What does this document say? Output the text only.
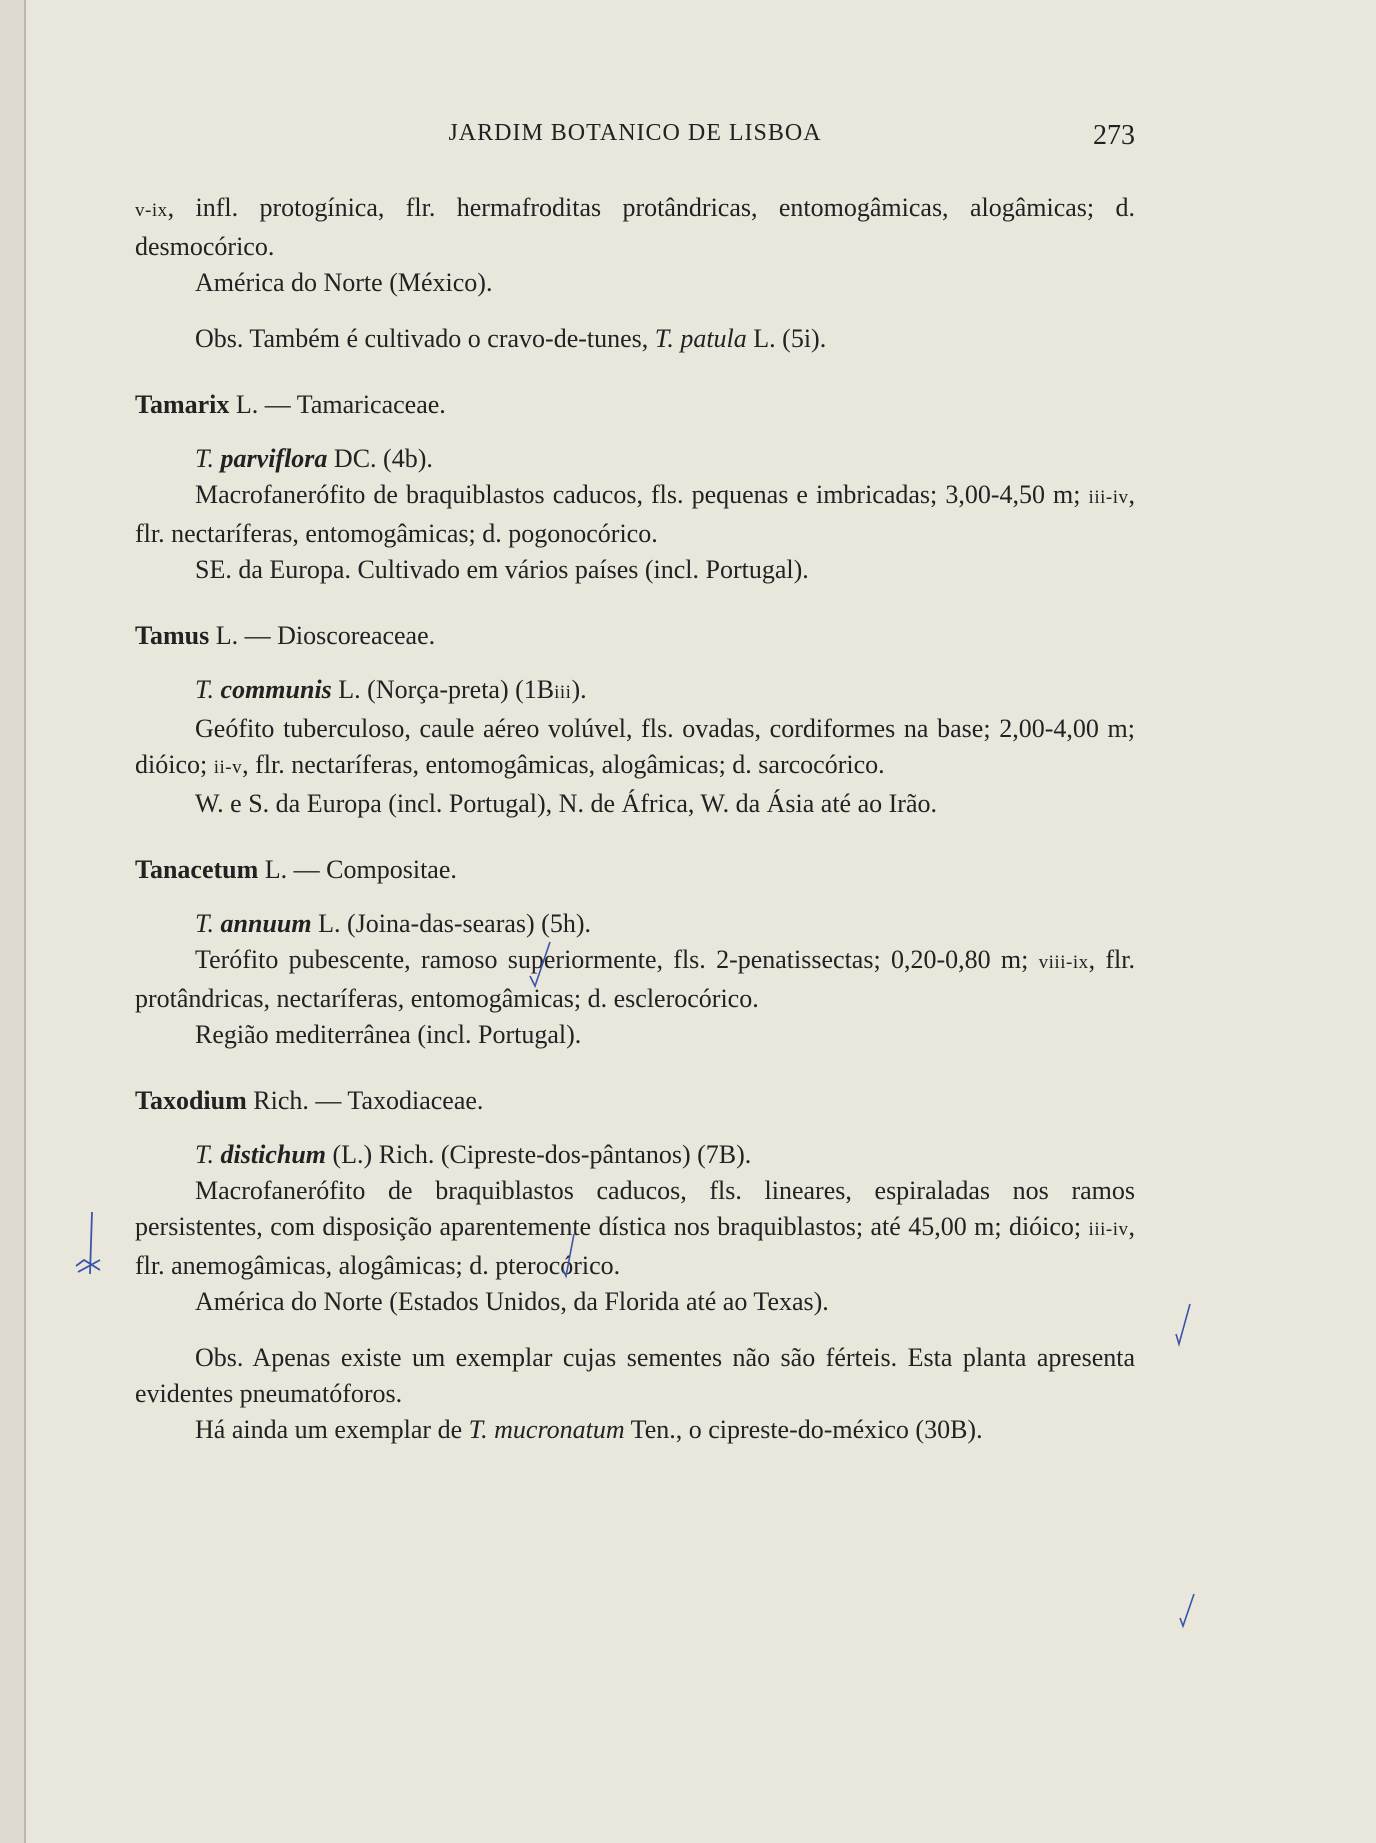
JARDIM BOTANICO DE LISBOA	273

v-ix, infl. protogínica, flr. hermafroditas protândricas, entomogâmicas, alogâmicas; d. desmocórico.

América do Norte (México).

Obs. Também é cultivado o cravo-de-tunes, T. patula L. (5i).

Tamarix L. — Tamaricaceae.

T. parviflora DC. (4b).

Macrofanerófito de braquiblastos caducos, fls. pequenas e imbricadas; 3,00-4,50 m; iii-iv, flr. nectaríferas, entomogâmicas; d. pogonocórico.

SE. da Europa. Cultivado em vários países (incl. Portugal).

Tamus L. — Dioscoreaceae.

T. communis L. (Norça-preta) (1Biii).

Geófito tuberculoso, caule aéreo volúvel, fls. ovadas, cordiformes na base; 2,00-4,00 m; dióico; ii-v, flr. nectaríferas, entomogâmicas, alogâmicas; d. sarcocórico.

W. e S. da Europa (incl. Portugal), N. de África, W. da Ásia até ao Irão.

Tanacetum L. — Compositae.

T. annuum L. (Joina-das-searas) (5h).

Terófito pubescente, ramoso superiormente, fls. 2-penatissectas; 0,20-0,80 m; viii-ix, flr. protândricas, nectaríferas, entomogâmicas; d. esclerocórico.

Região mediterrânea (incl. Portugal).

Taxodium Rich. — Taxodiaceae.

T. distichum (L.) Rich. (Cipreste-dos-pântanos) (7B).

Macrofanerófito de braquiblastos caducos, fls. lineares, espiraladas nos ramos persistentes, com disposição aparentemente dística nos braquiblastos; até 45,00 m; dióico; iii-iv, flr. anemogâmicas, alogâmicas; d. pterocórico.

América do Norte (Estados Unidos, da Florida até ao Texas).

Obs. Apenas existe um exemplar cujas sementes não são férteis. Esta planta apresenta evidentes pneumatóforos.

Há ainda um exemplar de T. mucronatum Ten., o cipreste-do-méxico (30B).
